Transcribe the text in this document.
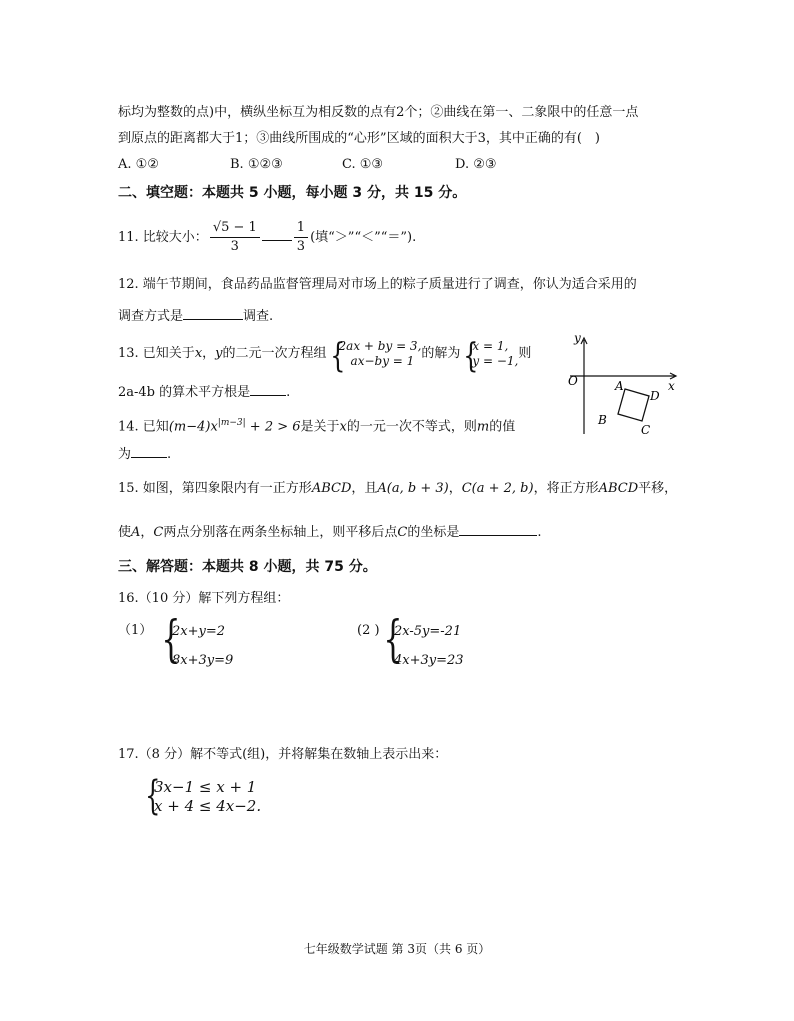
标均为整数的点)中，横纵坐标互为相反数的点有2个；②曲线在第一、二象限中的任意一点
到原点的距离都大于1；③曲线所围成的“心形”区域的面积大于3，其中正确的有(　)
A. ①②	B. ①②③	C. ①③	D. ②③
二、填空题：本题共 5 小题，每小题 3 分，共 15 分。
11. 比较大小： $\frac{√5 - 1}{3}$	$\frac{1}{3}$ (填“＞”“＜”“＝”).
12. 端午节期间，食品药品监督管理局对市场上的粽子质量进行了调查，你认为适合采用的
调查方式是	调查.
13. 已知关于x，y的二元一次方程组 {
2ax + by = 3,
ax−by = 1 的解为 {
x = 1,
y = −1, 则
2a-4b 的算术平方根是	.
14. 已知$(m-4)x^{|m-3|} + 2 > 6$是关于x的一元一次不等式，则m的值
为	.
y
x
O	A
B
C
D
15. 如图，第四象限内有一正方形ABCD，且A(a, b + 3)，C(a + 2, b)，将正方形ABCD平移，
使A，C两点分别落在两条坐标轴上，则平移后点C的坐标是	.
三、解答题：本题共 8 小题，共 75 分。
16.（10 分）解下列方程组：
（1） {
2x+y=2
8x+3y=9
(2 ) {
2x-5y=-21
4x+3y=23
17.（8 分）解不等式(组)，并将解集在数轴上表示出来：
{
3x−1 ≤ x + 1
x + 4 ≤ 4x−2.
七年级数学试题 第 3页（共 6 页）
